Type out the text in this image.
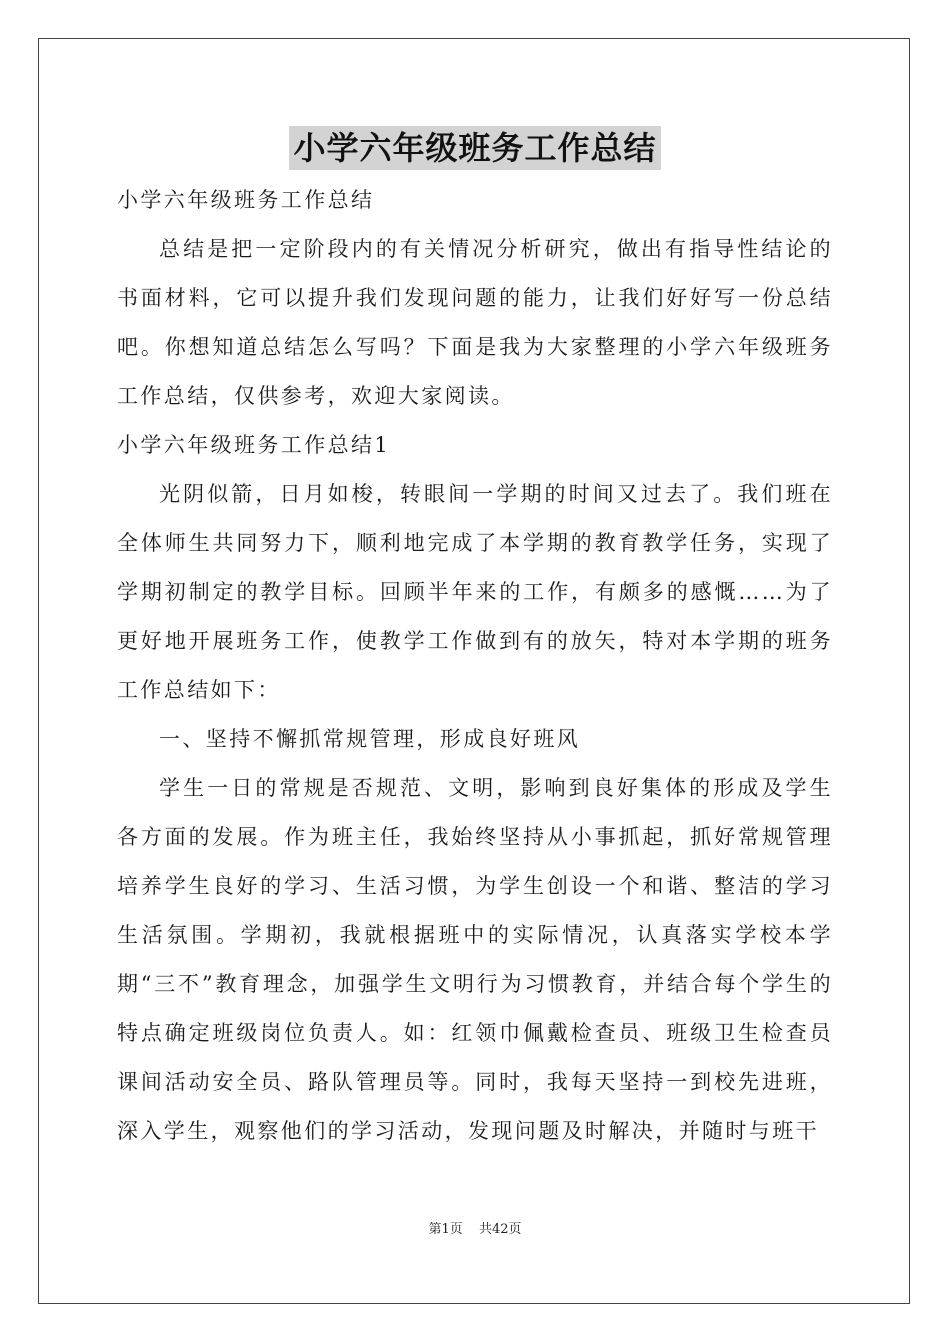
小学六年级班务工作总结

小学六年级班务工作总结

总结是把一定阶段内的有关情况分析研究，做出有指导性结论的书面材料，它可以提升我们发现问题的能力，让我们好好写一份总结吧。你想知道总结怎么写吗？下面是我为大家整理的小学六年级班务工作总结，仅供参考，欢迎大家阅读。

小学六年级班务工作总结1

光阴似箭，日月如梭，转眼间一学期的时间又过去了。我们班在全体师生共同努力下，顺利地完成了本学期的教育教学任务，实现了学期初制定的教学目标。回顾半年来的工作，有颇多的感慨……为了更好地开展班务工作，使教学工作做到有的放矢，特对本学期的班务工作总结如下：

一、坚持不懈抓常规管理，形成良好班风

学生一日的常规是否规范、文明，影响到良好集体的形成及学生各方面的发展。作为班主任，我始终坚持从小事抓起，抓好常规管理培养学生良好的学习、生活习惯，为学生创设一个和谐、整洁的学习生活氛围。学期初，我就根据班中的实际情况，认真落实学校本学期“三不”教育理念，加强学生文明行为习惯教育，并结合每个学生的特点确定班级岗位负责人。如：红领巾佩戴检查员、班级卫生检查员课间活动安全员、路队管理员等。同时，我每天坚持一到校先进班，深入学生，观察他们的学习活动，发现问题及时解决，并随时与班干

第1页 共42页
